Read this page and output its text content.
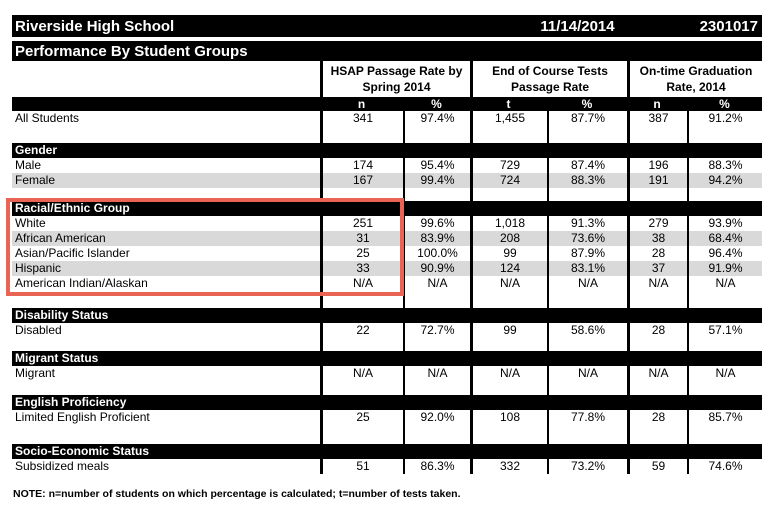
Riverside High School	11/14/2014	2301017
Performance By Student Groups
HSAP Passage Rate by
Spring 2014
End of Course Tests
Passage Rate
On-time Graduation
Rate, 2014
n	%	t	%	n	%
All Students	341	97.4%	1,455	87.7%	387	91.2%
Gender
Male	174	95.4%	729	87.4%	196	88.3%
Female	167	99.4%	724	88.3%	191	94.2%
Racial/Ethnic Group
White	251	99.6%	1,018	91.3%	279	93.9%
African American	31	83.9%	208	73.6%	38	68.4%
Asian/Pacific Islander	25	100.0%	99	87.9%	28	96.4%
Hispanic	33	90.9%	124	83.1%	37	91.9%
American Indian/Alaskan	N/A	N/A	N/A	N/A	N/A	N/A
Disability Status
Disabled	22	72.7%	99	58.6%	28	57.1%
Migrant Status
Migrant	N/A	N/A	N/A	N/A	N/A	N/A
English Proficiency
Limited English Proficient	25	92.0%	108	77.8%	28	85.7%
Socio-Economic Status
Subsidized meals	51	86.3%	332	73.2%	59	74.6%
NOTE: n=number of students on which percentage is calculated; t=number of tests taken.
